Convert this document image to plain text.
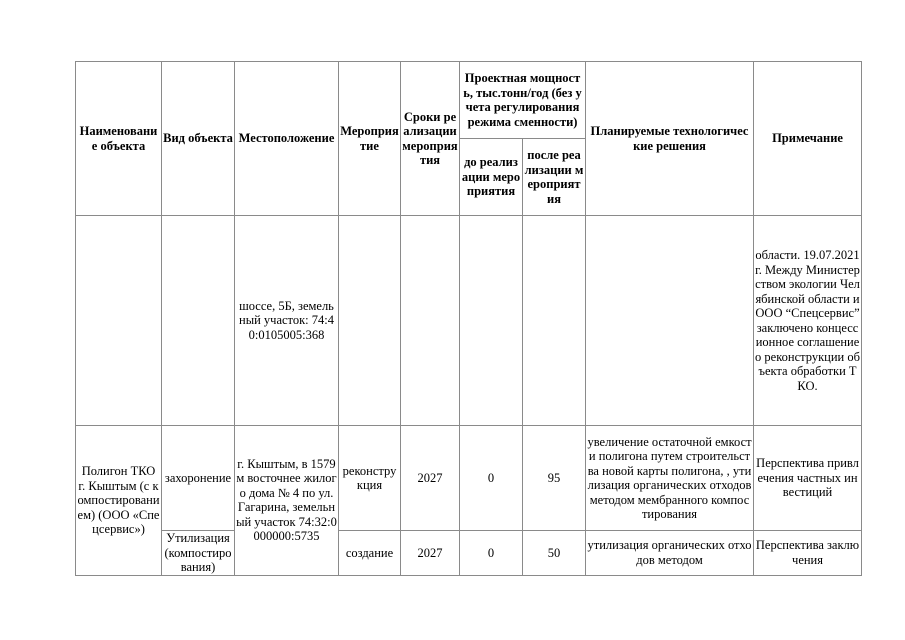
Наименование объекта	Вид объекта	Местоположение	Мероприятие	Сроки реализации мероприятия	Проектная мощность, тыс.тонн/год (без учета регулирования режима сменности)		Планируемые технологические решения	Примечание
					до реализации мероприятия	после реализации мероприятия		
		шоссе, 5Б, земельный участок: 74:40:0105005:368						области. 19.07.2021 г. Между Министерством экологии Челябинской области и ООО “Спецсервис” заключено концессионное соглашение о реконструкции объекта обработки ТКО.
Полигон ТКО г. Кыштым (с компостированием) (ООО «Спецсервис»)	захоронение	г. Кыштым, в 1579 м восточнее жилого дома № 4 по ул. Гагарина, земельный участок 74:32:0000000:5735	реконструкция	2027	0	95	увеличение остаточной емкости полигона путем строительства новой карты полигона, , утилизация органических отходов методом мембранного компостирования	Перспектива привлечения частных инвестиций
	Утилизация (компостирования)		создание	2027	0	50	утилизация органических отходов методом	Перспектива заключения
